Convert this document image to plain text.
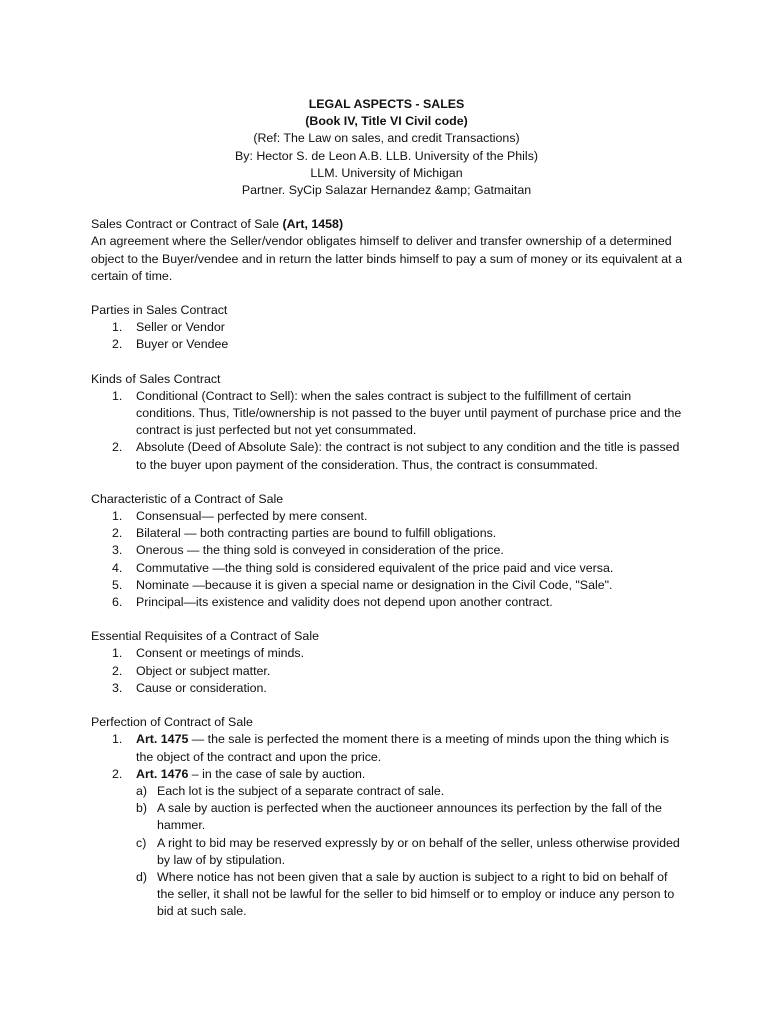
LEGAL ASPECTS - SALES
(Book IV, Title VI Civil code)
(Ref: The Law on sales, and credit Transactions)
By: Hector S. de Leon A.B. LLB. University of the Phils)
LLM. University of Michigan
Partner. SyCip Salazar Hernandez &amp; Gatmaitan
Sales Contract or Contract of Sale (Art, 1458)

An agreement where the Seller/vendor obligates himself to deliver and transfer ownership of a determined object to the Buyer/vendee and in return the latter binds himself to pay a sum of money or its equivalent at a certain of time.

Parties in Sales Contract
1.	Seller or Vendor
2.	Buyer or Vendee
Kinds of Sales Contract
1.	Conditional (Contract to Sell): when the sales contract is subject to the fulfillment of certain conditions. Thus, Title/ownership is not passed to the buyer until payment of purchase price and the contract is just perfected but not yet consummated.
2.	Absolute (Deed of Absolute Sale): the contract is not subject to any condition and the title is passed to the buyer upon payment of the consideration. Thus, the contract is consummated.
Characteristic of a Contract of Sale
1.	Consensual— perfected by mere consent.
2.	Bilateral — both contracting parties are bound to fulfill obligations.
3.	Onerous — the thing sold is conveyed in consideration of the price.
4.	Commutative —the thing sold is considered equivalent of the price paid and vice versa.
5.	Nominate —because it is given a special name or designation in the Civil Code, "Sale".
6.	Principal—its existence and validity does not depend upon another contract.
Essential Requisites of a Contract of Sale
1.	Consent or meetings of minds.
2.	Object or subject matter.
3.	Cause or consideration.
Perfection of Contract of Sale
1.	Art. 1475 — the sale is perfected the moment there is a meeting of minds upon the thing which is the object of the contract and upon the price.
2.	Art. 1476 – in the case of sale by auction.
a) Each lot is the subject of a separate contract of sale.
b) A sale by auction is perfected when the auctioneer announces its perfection by the fall of the hammer.
c) A right to bid may be reserved expressly by or on behalf of the seller, unless otherwise provided by law of by stipulation.
d) Where notice has not been given that a sale by auction is subject to a right to bid on behalf of the seller, it shall not be lawful for the seller to bid himself or to employ or induce any person to bid at such sale.
